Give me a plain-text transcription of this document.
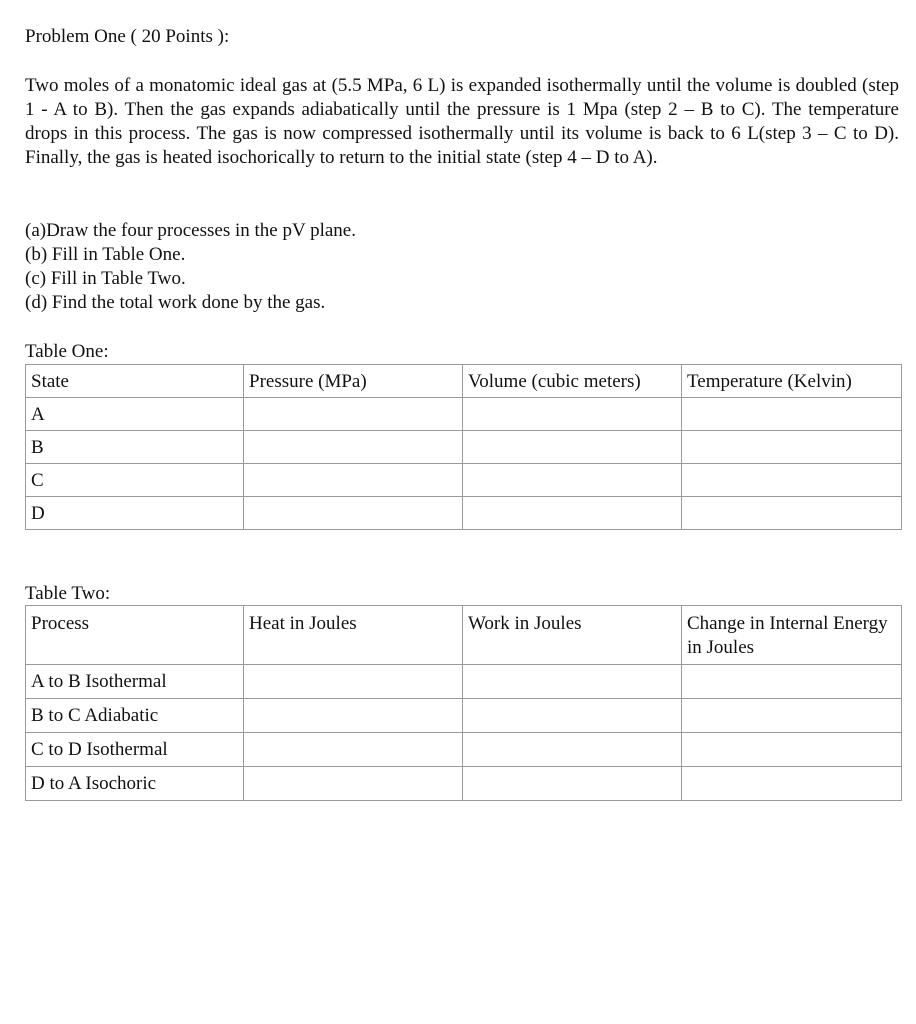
Problem One ( 20 Points ):
Two moles of a monatomic ideal gas at (5.5 MPa, 6 L) is expanded isothermally until the volume is doubled (step 1 - A to B). Then the gas expands adiabatically until the pressure is 1 Mpa (step 2 – B to C). The temperature drops in this process. The gas is now compressed isothermally until its volume is back to 6 L(step 3 – C to D). Finally, the gas is heated isochorically to return to the initial state (step 4 – D to A).
(a)Draw the four processes in the pV plane.
(b) Fill in Table One.
(c) Fill in Table Two.
(d) Find the total work done by the gas.
Table One:
State	Pressure (MPa)	Volume (cubic meters)	Temperature (Kelvin)
A			
B			
C			
D			
Table Two:
Process	Heat in Joules	Work in Joules	Change in Internal Energy in Joules
A to B Isothermal			
B to C Adiabatic			
C to D Isothermal			
D to A Isochoric			
